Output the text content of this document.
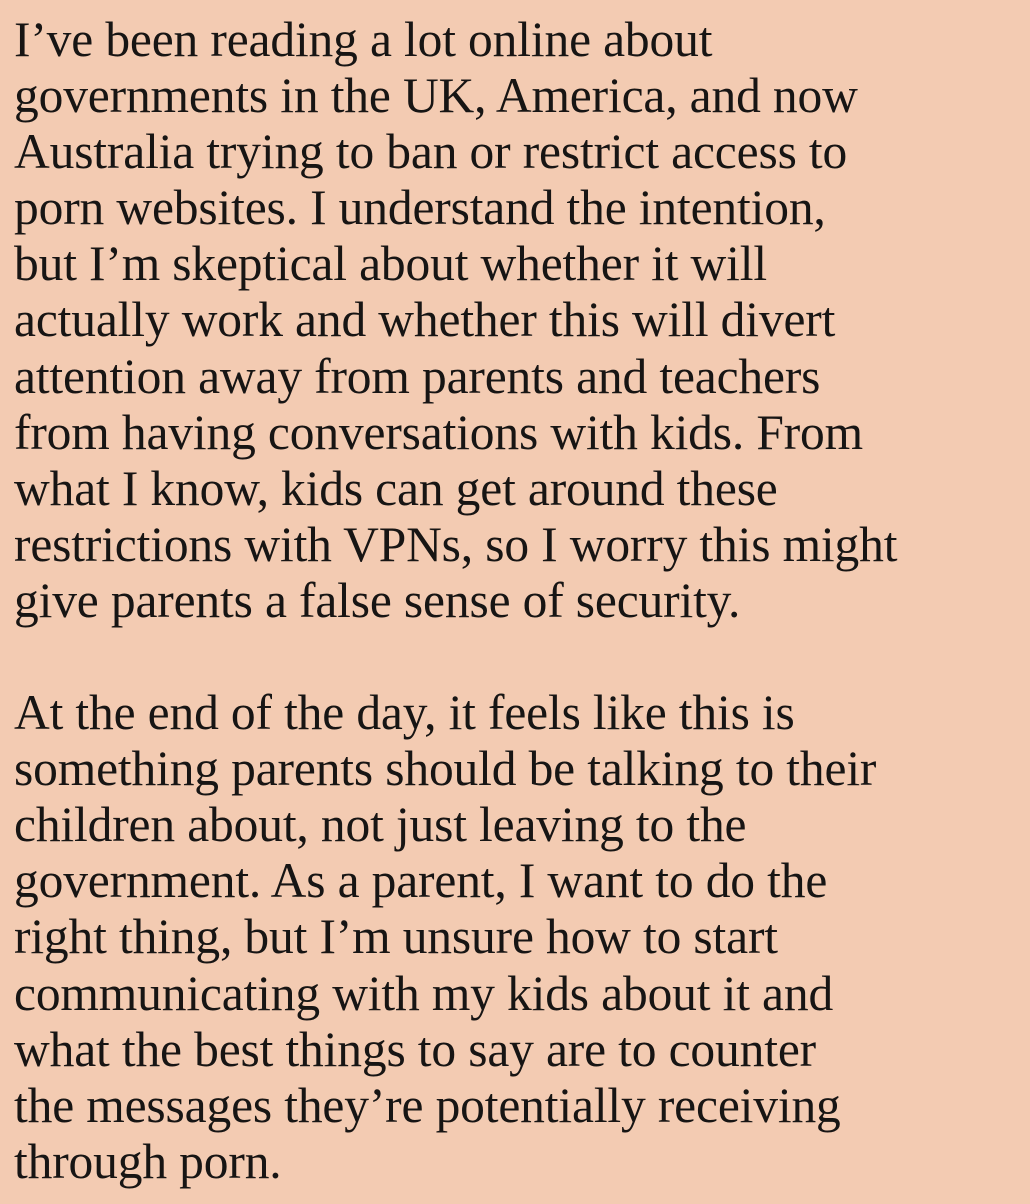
I’ve been reading a lot online about
governments in the UK, America, and now
Australia trying to ban or restrict access to
porn websites. I understand the intention,
but I’m skeptical about whether it will
actually work and whether this will divert
attention away from parents and teachers
from having conversations with kids. From
what I know, kids can get around these
restrictions with VPNs, so I worry this might
give parents a false sense of security.

At the end of the day, it feels like this is
something parents should be talking to their
children about, not just leaving to the
government. As a parent, I want to do the
right thing, but I’m unsure how to start
communicating with my kids about it and
what the best things to say are to counter
the messages they’re potentially receiving
through porn.
